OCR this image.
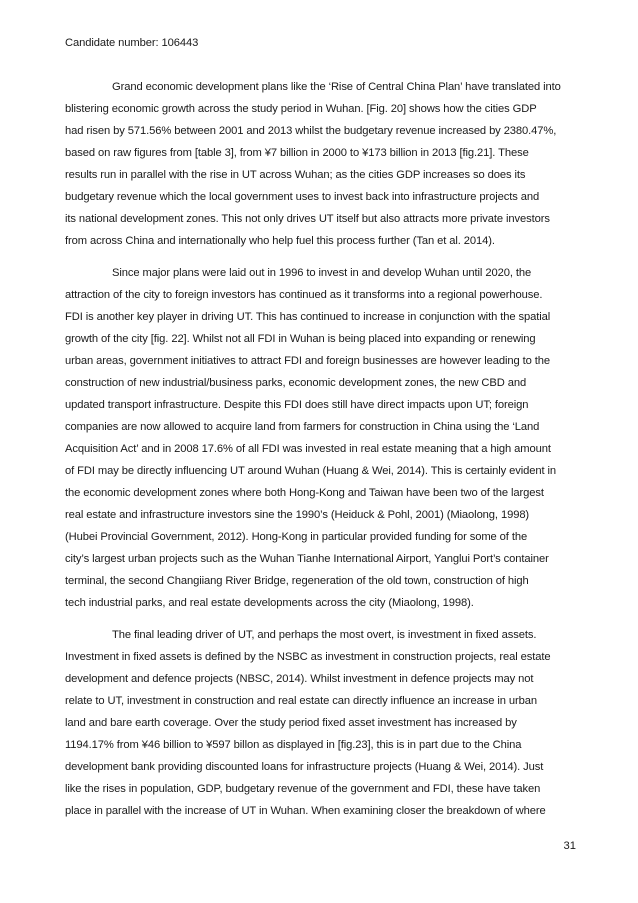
Candidate number: 106443

Grand economic development plans like the ‘Rise of Central China Plan’ have translated into
blistering economic growth across the study period in Wuhan. [Fig. 20] shows how the cities GDP
had risen by 571.56% between 2001 and 2013 whilst the budgetary revenue increased by 2380.47%,
based on raw figures from [table 3], from ¥7 billion in 2000 to ¥173 billion in 2013 [fig.21]. These
results run in parallel with the rise in UT across Wuhan; as the cities GDP increases so does its
budgetary revenue which the local government uses to invest back into infrastructure projects and
its national development zones. This not only drives UT itself but also attracts more private investors
from across China and internationally who help fuel this process further (Tan et al. 2014).

Since major plans were laid out in 1996 to invest in and develop Wuhan until 2020, the
attraction of the city to foreign investors has continued as it transforms into a regional powerhouse.
FDI is another key player in driving UT. This has continued to increase in conjunction with the spatial
growth of the city [fig. 22]. Whilst not all FDI in Wuhan is being placed into expanding or renewing
urban areas, government initiatives to attract FDI and foreign businesses are however leading to the
construction of new industrial/business parks, economic development zones, the new CBD and
updated transport infrastructure. Despite this FDI does still have direct impacts upon UT; foreign
companies are now allowed to acquire land from farmers for construction in China using the ‘Land
Acquisition Act’ and in 2008 17.6% of all FDI was invested in real estate meaning that a high amount
of FDI may be directly influencing UT around Wuhan (Huang & Wei, 2014). This is certainly evident in
the economic development zones where both Hong-Kong and Taiwan have been two of the largest
real estate and infrastructure investors sine the 1990’s (Heiduck & Pohl, 2001) (Miaolong, 1998)
(Hubei Provincial Government, 2012). Hong-Kong in particular provided funding for some of the
city’s largest urban projects such as the Wuhan Tianhe International Airport, Yanglui Port’s container
terminal, the second Changiiang River Bridge, regeneration of the old town, construction of high
tech industrial parks, and real estate developments across the city (Miaolong, 1998).

The final leading driver of UT, and perhaps the most overt, is investment in fixed assets.
Investment in fixed assets is defined by the NSBC as investment in construction projects, real estate
development and defence projects (NBSC, 2014). Whilst investment in defence projects may not
relate to UT, investment in construction and real estate can directly influence an increase in urban
land and bare earth coverage. Over the study period fixed asset investment has increased by
1194.17% from ¥46 billion to ¥597 billon as displayed in [fig.23], this is in part due to the China
development bank providing discounted loans for infrastructure projects (Huang & Wei, 2014). Just
like the rises in population, GDP, budgetary revenue of the government and FDI, these have taken
place in parallel with the increase of UT in Wuhan. When examining closer the breakdown of where

31
